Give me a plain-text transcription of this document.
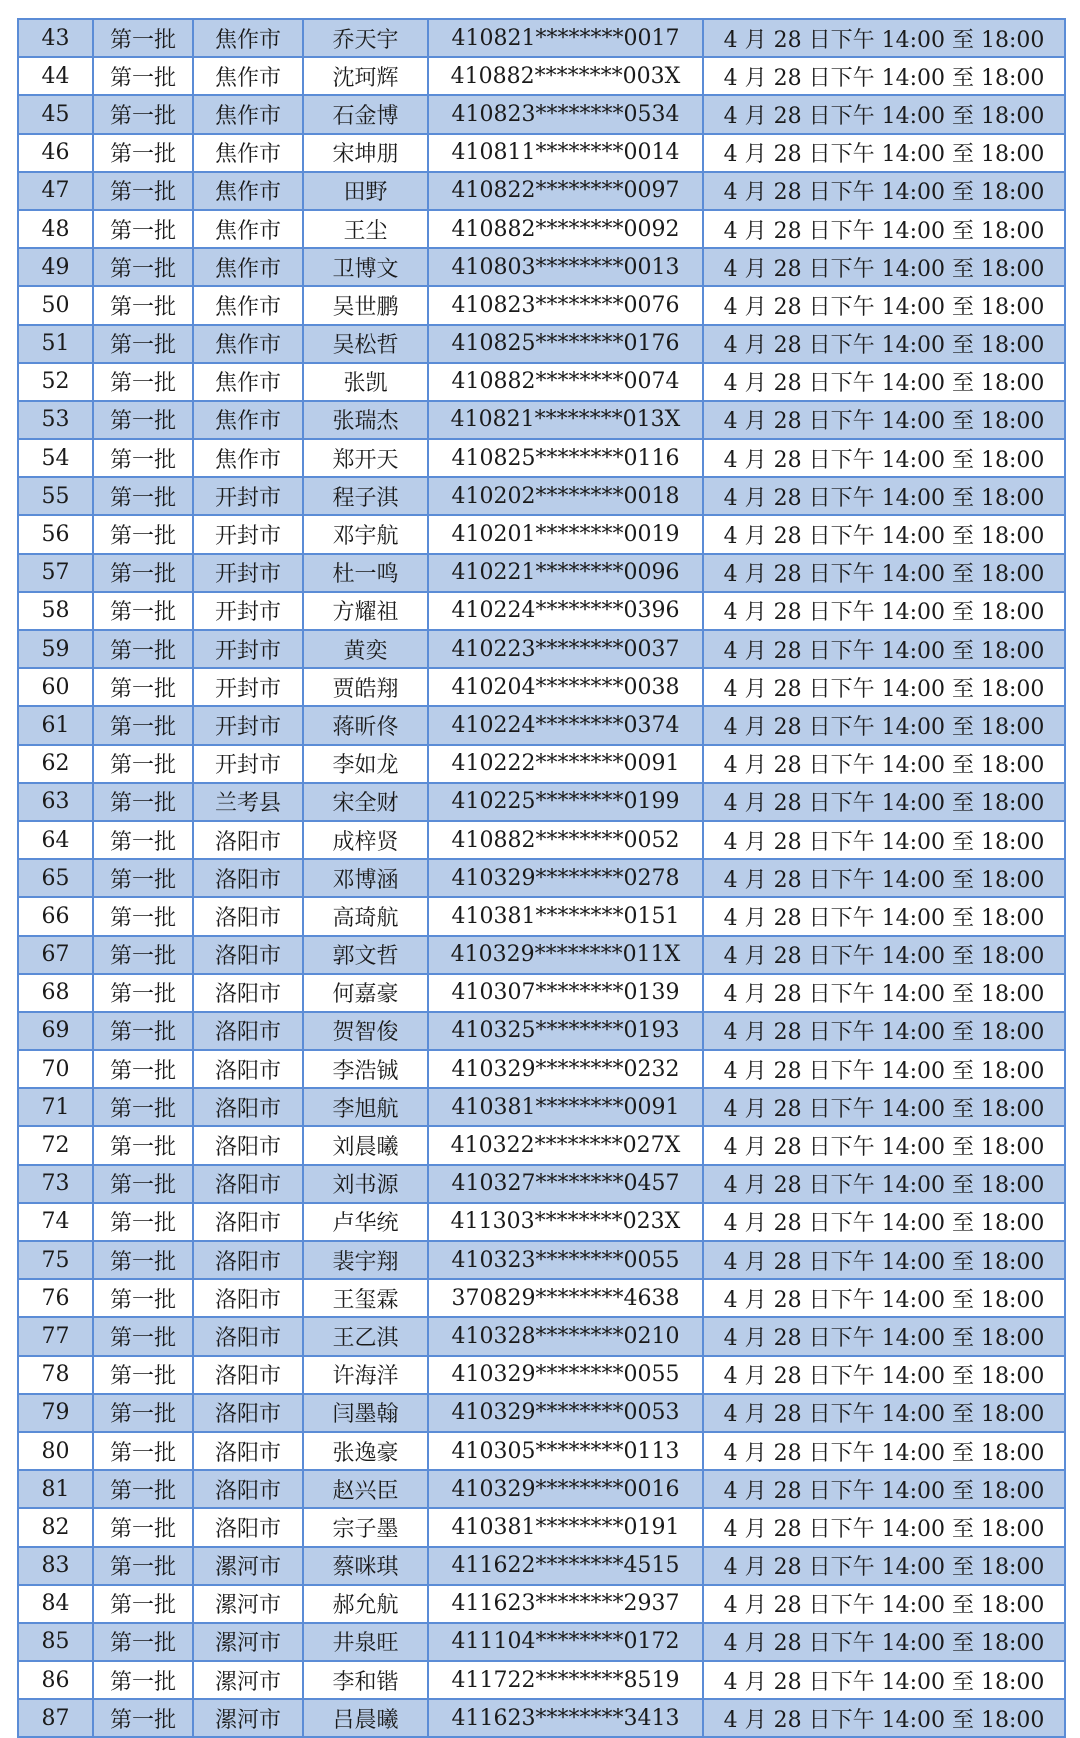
43	第一批	焦作市	乔天宇	410821********0017	4 月 28 日下午 14:00 至 18:00
44	第一批	焦作市	沈珂辉	410882********003X	4 月 28 日下午 14:00 至 18:00
45	第一批	焦作市	石金博	410823********0534	4 月 28 日下午 14:00 至 18:00
46	第一批	焦作市	宋坤朋	410811********0014	4 月 28 日下午 14:00 至 18:00
47	第一批	焦作市	田野	410822********0097	4 月 28 日下午 14:00 至 18:00
48	第一批	焦作市	王尘	410882********0092	4 月 28 日下午 14:00 至 18:00
49	第一批	焦作市	卫博文	410803********0013	4 月 28 日下午 14:00 至 18:00
50	第一批	焦作市	吴世鹏	410823********0076	4 月 28 日下午 14:00 至 18:00
51	第一批	焦作市	吴松哲	410825********0176	4 月 28 日下午 14:00 至 18:00
52	第一批	焦作市	张凯	410882********0074	4 月 28 日下午 14:00 至 18:00
53	第一批	焦作市	张瑞杰	410821********013X	4 月 28 日下午 14:00 至 18:00
54	第一批	焦作市	郑开天	410825********0116	4 月 28 日下午 14:00 至 18:00
55	第一批	开封市	程子淇	410202********0018	4 月 28 日下午 14:00 至 18:00
56	第一批	开封市	邓宇航	410201********0019	4 月 28 日下午 14:00 至 18:00
57	第一批	开封市	杜一鸣	410221********0096	4 月 28 日下午 14:00 至 18:00
58	第一批	开封市	方耀祖	410224********0396	4 月 28 日下午 14:00 至 18:00
59	第一批	开封市	黄奕	410223********0037	4 月 28 日下午 14:00 至 18:00
60	第一批	开封市	贾皓翔	410204********0038	4 月 28 日下午 14:00 至 18:00
61	第一批	开封市	蒋昕佟	410224********0374	4 月 28 日下午 14:00 至 18:00
62	第一批	开封市	李如龙	410222********0091	4 月 28 日下午 14:00 至 18:00
63	第一批	兰考县	宋全财	410225********0199	4 月 28 日下午 14:00 至 18:00
64	第一批	洛阳市	成梓贤	410882********0052	4 月 28 日下午 14:00 至 18:00
65	第一批	洛阳市	邓博涵	410329********0278	4 月 28 日下午 14:00 至 18:00
66	第一批	洛阳市	高琦航	410381********0151	4 月 28 日下午 14:00 至 18:00
67	第一批	洛阳市	郭文哲	410329********011X	4 月 28 日下午 14:00 至 18:00
68	第一批	洛阳市	何嘉豪	410307********0139	4 月 28 日下午 14:00 至 18:00
69	第一批	洛阳市	贺智俊	410325********0193	4 月 28 日下午 14:00 至 18:00
70	第一批	洛阳市	李浩铖	410329********0232	4 月 28 日下午 14:00 至 18:00
71	第一批	洛阳市	李旭航	410381********0091	4 月 28 日下午 14:00 至 18:00
72	第一批	洛阳市	刘晨曦	410322********027X	4 月 28 日下午 14:00 至 18:00
73	第一批	洛阳市	刘书源	410327********0457	4 月 28 日下午 14:00 至 18:00
74	第一批	洛阳市	卢华统	411303********023X	4 月 28 日下午 14:00 至 18:00
75	第一批	洛阳市	裴宇翔	410323********0055	4 月 28 日下午 14:00 至 18:00
76	第一批	洛阳市	王玺霖	370829********4638	4 月 28 日下午 14:00 至 18:00
77	第一批	洛阳市	王乙淇	410328********0210	4 月 28 日下午 14:00 至 18:00
78	第一批	洛阳市	许海洋	410329********0055	4 月 28 日下午 14:00 至 18:00
79	第一批	洛阳市	闫墨翰	410329********0053	4 月 28 日下午 14:00 至 18:00
80	第一批	洛阳市	张逸豪	410305********0113	4 月 28 日下午 14:00 至 18:00
81	第一批	洛阳市	赵兴臣	410329********0016	4 月 28 日下午 14:00 至 18:00
82	第一批	洛阳市	宗子墨	410381********0191	4 月 28 日下午 14:00 至 18:00
83	第一批	漯河市	蔡咪琪	411622********4515	4 月 28 日下午 14:00 至 18:00
84	第一批	漯河市	郝允航	411623********2937	4 月 28 日下午 14:00 至 18:00
85	第一批	漯河市	井泉旺	411104********0172	4 月 28 日下午 14:00 至 18:00
86	第一批	漯河市	李和锴	411722********8519	4 月 28 日下午 14:00 至 18:00
87	第一批	漯河市	吕晨曦	411623********3413	4 月 28 日下午 14:00 至 18:00
